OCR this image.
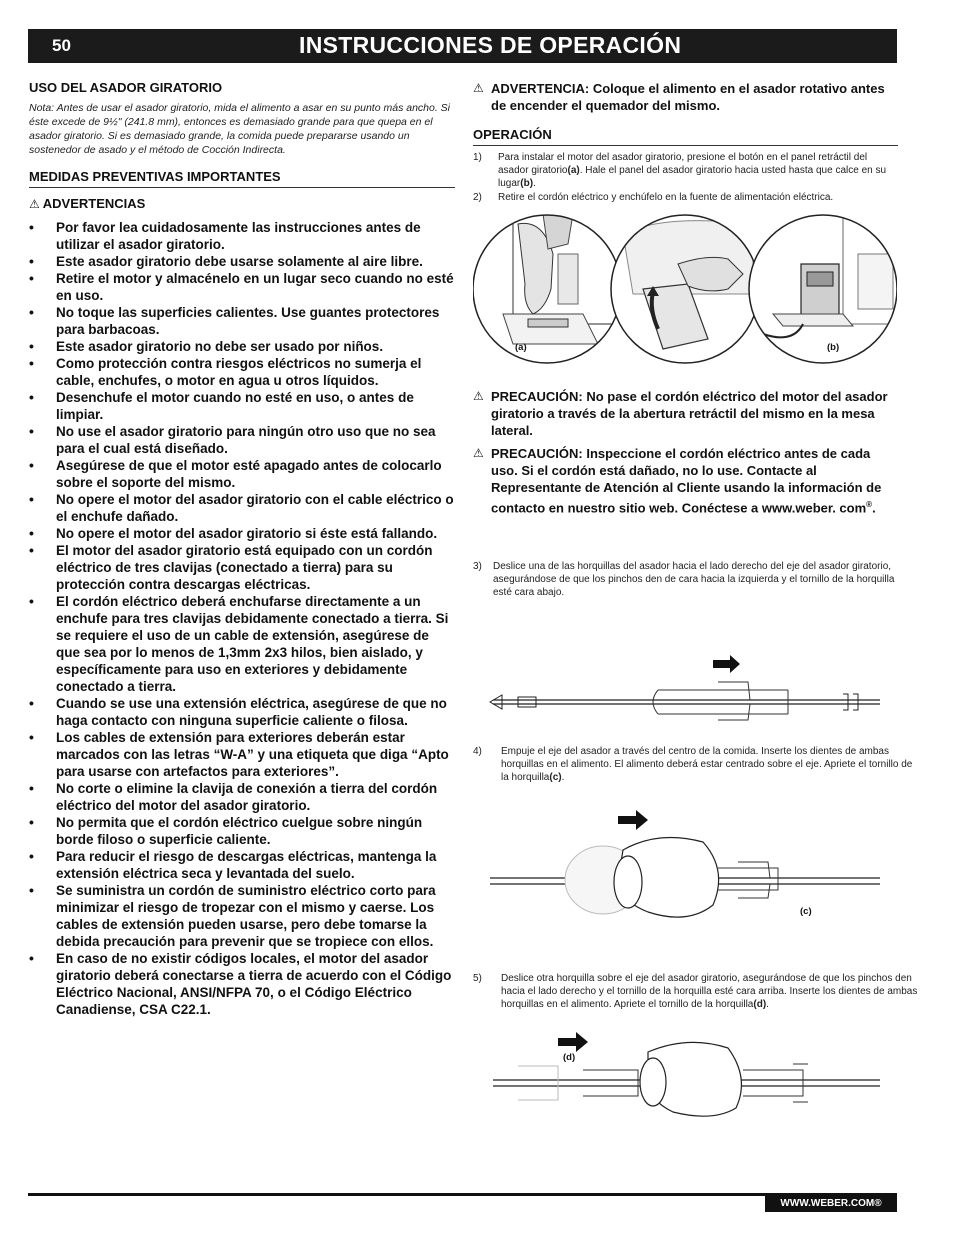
50	INSTRUCCIONES DE OPERACIÓN
USO DEL ASADOR GIRATORIO

Nota: Antes de usar el asador giratorio, mida el alimento a asar en su punto más ancho. Si éste excede de 9½" (241.8 mm), entonces es demasiado grande para que quepa en el asador giratorio. Si es demasiado grande, la comida puede prepararse usando un sostenedor de asado y el método de Cocción Indirecta.

MEDIDAS PREVENTIVAS IMPORTANTES
⚠ ADVERTENCIAS
• Por favor lea cuidadosamente las instrucciones antes de utilizar el asador giratorio.
• Este asador giratorio debe usarse solamente al aire libre.
• Retire el motor y almacénelo en un lugar seco cuando no esté en uso.
• No toque las superficies calientes. Use guantes protectores para barbacoas.
• Este asador giratorio no debe ser usado por niños.
• Como protección contra riesgos eléctricos no sumerja el cable, enchufes, o motor en agua u otros líquidos.
• Desenchufe el motor cuando no esté en uso, o antes de limpiar.
• No use el asador giratorio para ningún otro uso que no sea para el cual está diseñado.
• Asegúrese de que el motor esté apagado antes de colocarlo sobre el soporte del mismo.
• No opere el motor del asador giratorio con el cable eléctrico o el enchufe dañado.
• No opere el motor del asador giratorio si éste está fallando.
• El motor del asador giratorio está equipado con un cordón eléctrico de tres clavijas (conectado a tierra) para su protección contra descargas eléctricas.
• El cordón eléctrico deberá enchufarse directamente a un enchufe para tres clavijas debidamente conectado a tierra. Si se requiere el uso de un cable de extensión, asegúrese de que sea por lo menos de 1,3mm 2x3 hilos, bien aislado, y específicamente para uso en exteriores y debidamente conectado a tierra.
• Cuando se use una extensión eléctrica, asegúrese de que no haga contacto con ninguna superficie caliente o filosa.
• Los cables de extensión para exteriores deberán estar marcados con las letras “W-A” y una etiqueta que diga “Apto para usarse con artefactos para exteriores”.
• No corte o elimine la clavija de conexión a tierra del cordón eléctrico del motor del asador giratorio.
• No permita que el cordón eléctrico cuelgue sobre ningún borde filoso o superficie caliente.
• Para reducir el riesgo de descargas eléctricas, mantenga la extensión eléctrica seca y levantada del suelo.
• Se suministra un cordón de suministro eléctrico corto para minimizar el riesgo de tropezar con el mismo y caerse. Los cables de extensión pueden usarse, pero debe tomarse la debida precaución para prevenir que se tropiece con ellos.
• En caso de no existir códigos locales, el motor del asador giratorio deberá conectarse a tierra de acuerdo con el Código Eléctrico Nacional, ANSI/NFPA 70, o el Código Eléctrico Canadiense, CSA C22.1.
⚠ ADVERTENCIA: Coloque el alimento en el asador rotativo antes de encender el quemador del mismo.
OPERACIÓN
1) Para instalar el motor del asador giratorio, presione el botón en el panel retráctil del asador giratorio(a). Hale el panel del asador giratorio hacia usted hasta que calce en su lugar(b).
2) Retire el cordón eléctrico y enchúfelo en la fuente de alimentación eléctrica.
(a)	(b)
⚠ PRECAUCIÓN: No pase el cordón eléctrico del motor del asador giratorio a través de la abertura retráctil del mismo en la mesa lateral.
⚠ PRECAUCIÓN: Inspeccione el cordón eléctrico antes de cada uso. Si el cordón está dañado, no lo use. Contacte al Representante de Atención al Cliente usando la información de contacto en nuestro sitio web. Conéctese a www.weber. com®.
3) Deslice una de las horquillas del asador hacia el lado derecho del eje del asador giratorio, asegurándose de que los pinchos den de cara hacia la izquierda y el tornillo de la horquilla esté cara abajo.
4) Empuje el eje del asador a través del centro de la comida. Inserte los dientes de ambas horquillas en el alimento. El alimento deberá estar centrado sobre el eje. Apriete el tornillo de la horquilla(c).
(c)
5) Deslice otra horquilla sobre el eje del asador giratorio, asegurándose de que los pinchos den hacia el lado derecho y el tornillo de la horquilla esté cara arriba. Inserte los dientes de ambas horquillas en el alimento. Apriete el tornillo de la horquilla(d).
(d)
WWW.WEBER.COM®
